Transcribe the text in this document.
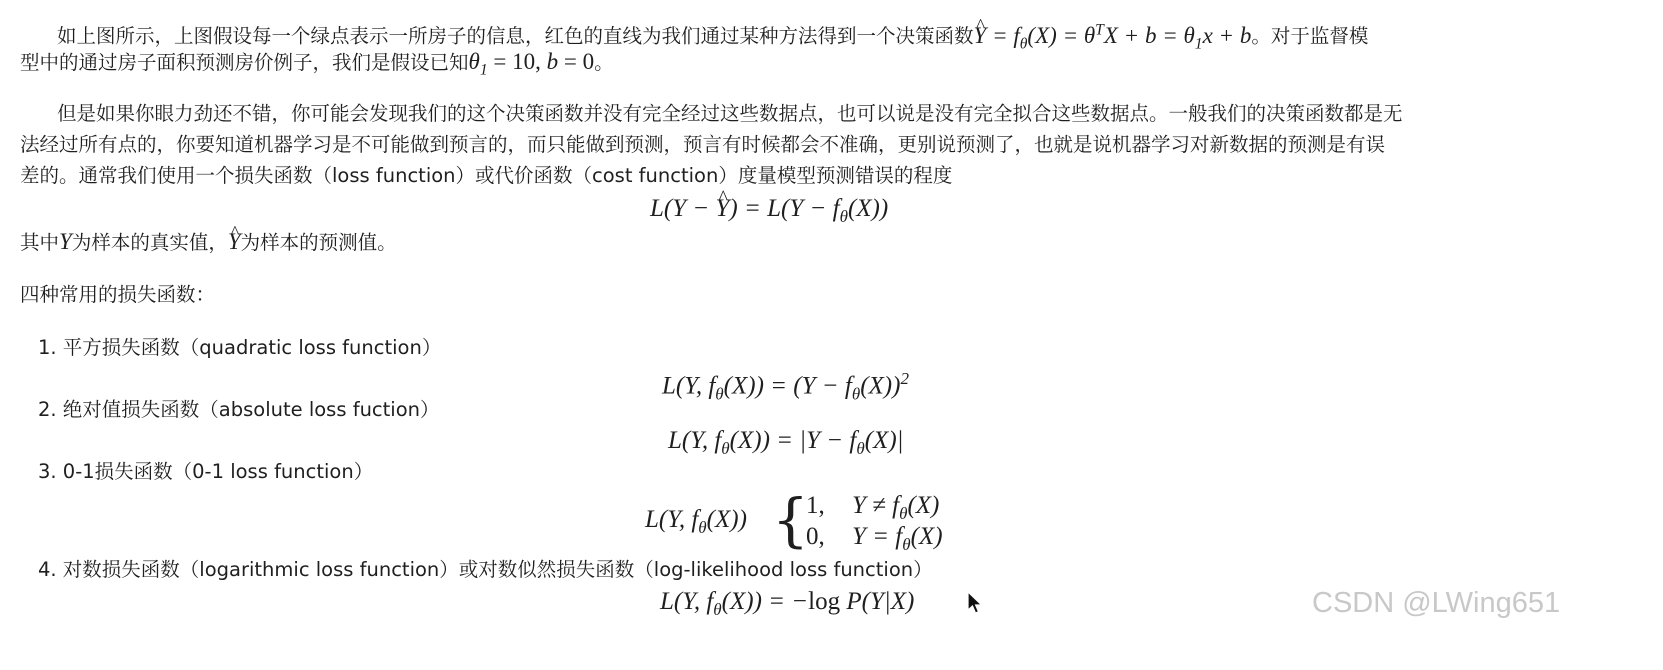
如上图所示，上图假设每一个绿点表示一所房子的信息，红色的直线为我们通过某种方法得到一个决策函数^ $Y = f_\theta(X) = \theta^TX + b = \theta_1x + b$。对于监督模
型中的通过房子面积预测房价例子，我们是假设已知$\theta_1 = 10$, b = 0。
但是如果你眼力劲还不错，你可能会发现我们的这个决策函数并没有完全经过这些数据点，也可以说是没有完全拟合这些数据点。一般我们的决策函数都是无
法经过所有点的，你要知道机器学习是不可能做到预言的，而只能做到预测，预言有时候都会不准确，更别说预测了，也就是说机器学习对新数据的预测是有误
差的。通常我们使用一个损失函数（loss function）或代价函数（cost function）度量模型预测错误的程度
L(Y − ^ $Y) = L(Y - f_\theta(X))$
其中Y为样本的真实值，^ Y为样本的预测值。
四种常用的损失函数：
1. 平方损失函数（quadratic loss function）
L(Y, $f_\theta(X)) = (Y - f_\theta(X))^2$
2. 绝对值损失函数（absolute loss fuction）
L(Y, $f_\theta(X)) = |Y - f_\theta(X)|$
3. 0-1损失函数（0-1 loss function）
L(Y, $f_\theta(X)$) {
1, $Y \ne f_\theta(X)$
0, $Y = f_\theta(X)$
4. 对数损失函数（logarithmic loss function）或对数似然损失函数（log-likelihood loss function）
L(Y, $f_\theta(X)) = -\log$ P(Y|X)	CSDN @LWing651
